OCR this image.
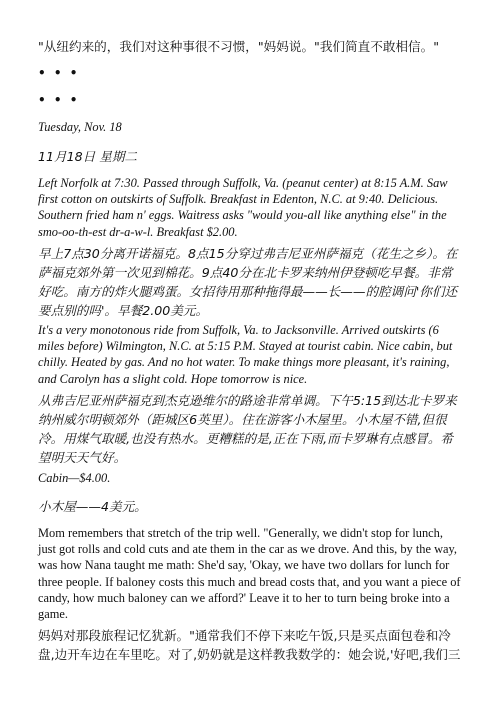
"从纽约来的，我们对这种事很不习惯，"妈妈说。"我们简直不敢相信。"

• • •

• • •

Tuesday, Nov. 18

11月18日 星期二

Left Norfolk at 7:30. Passed through Suffolk, Va. (peanut center) at 8:15 A.M. Saw first cotton on outskirts of Suffolk. Breakfast in Edenton, N.C. at 9:40. Delicious. Southern fried ham n' eggs. Waitress asks "would you-all like anything else" in the smo-oo-th-est dr-a-w-l. Breakfast $2.00.

早上7点30分离开诺福克。8点15分穿过弗吉尼亚州萨福克（花生之乡）。在萨福克郊外第一次见到棉花。9点40分在北卡罗来纳州伊登顿吃早餐。非常好吃。南方的炸火腿鸡蛋。女招待用那种拖得最——长——的腔调问'你们还要点别的吗'。早餐2.00美元。

It's a very monotonous ride from Suffolk, Va. to Jacksonville. Arrived outskirts (6 miles before) Wilmington, N.C. at 5:15 P.M. Stayed at tourist cabin. Nice cabin, but chilly. Heated by gas. And no hot water. To make things more pleasant, it's raining, and Carolyn has a slight cold. Hope tomorrow is nice.

从弗吉尼亚州萨福克到杰克逊维尔的路途非常单调。下午5:15到达北卡罗来纳州威尔明顿郊外（距城区6英里）。住在游客小木屋里。小木屋不错,但很冷。用煤气取暖,也没有热水。更糟糕的是,正在下雨,而卡罗琳有点感冒。希望明天天气好。

Cabin—$4.00.

小木屋——4美元。

Mom remembers that stretch of the trip well. "Generally, we didn't stop for lunch, just got rolls and cold cuts and ate them in the car as we drove. And this, by the way, was how Nana taught me math: She'd say, 'Okay, we have two dollars for lunch for three people. If baloney costs this much and bread costs that, and you want a piece of candy, how much baloney can we afford?' Leave it to her to turn being broke into a game.

妈妈对那段旅程记忆犹新。"通常我们不停下来吃午饭,只是买点面包卷和冷盘,边开车边在车里吃。对了,奶奶就是这样教我数学的：她会说,'好吧,我们三
